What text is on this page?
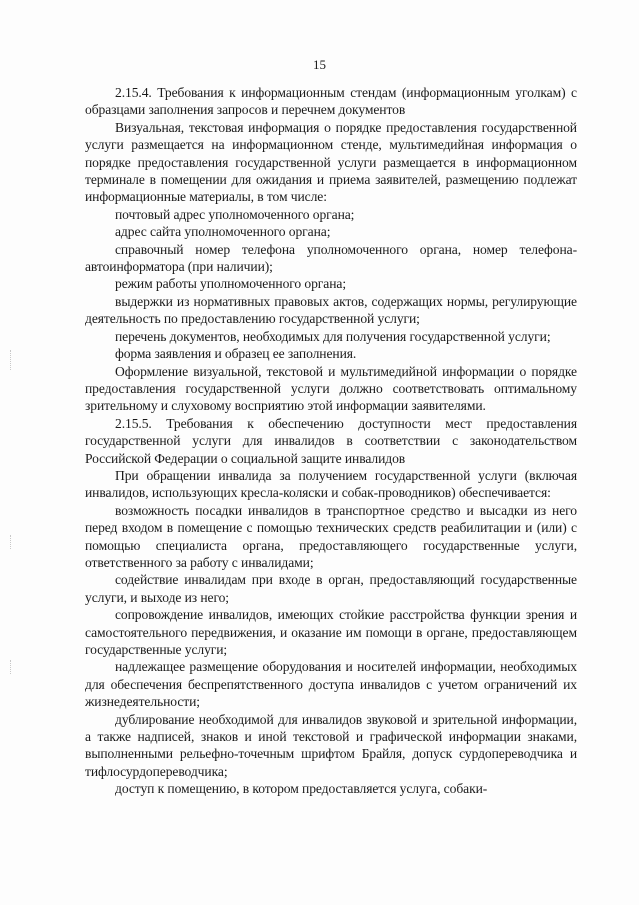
15

2.15.4. Требования к информационным стендам (информационным уголкам) с образцами заполнения запросов и перечнем документов

Визуальная, текстовая информация о порядке предоставления государственной услуги размещается на информационном стенде, мультимедийная информация о порядке предоставления государственной услуги размещается в информационном терминале в помещении для ожидания и приема заявителей, размещению подлежат информационные материалы, в том числе:

почтовый адрес уполномоченного органа;

адрес сайта уполномоченного органа;

справочный номер телефона уполномоченного органа, номер телефона-автоинформатора (при наличии);

режим работы уполномоченного органа;

выдержки из нормативных правовых актов, содержащих нормы, регулирующие деятельность по предоставлению государственной услуги;

перечень документов, необходимых для получения государственной услуги;

форма заявления и образец ее заполнения.

Оформление визуальной, текстовой и мультимедийной информации о порядке предоставления государственной услуги должно соответствовать оптимальному зрительному и слуховому восприятию этой информации заявителями.

2.15.5. Требования к обеспечению доступности мест предоставления государственной услуги для инвалидов в соответствии с законодательством Российской Федерации о социальной защите инвалидов

При обращении инвалида за получением государственной услуги (включая инвалидов, использующих кресла-коляски и собак-проводников) обеспечивается:

возможность посадки инвалидов в транспортное средство и высадки из него перед входом в помещение с помощью технических средств реабилитации и (или) с помощью специалиста органа, предоставляющего государственные услуги, ответственного за работу с инвалидами;

содействие инвалидам при входе в орган, предоставляющий государственные услуги, и выходе из него;

сопровождение инвалидов, имеющих стойкие расстройства функции зрения и самостоятельного передвижения, и оказание им помощи в органе, предоставляющем государственные услуги;

надлежащее размещение оборудования и носителей информации, необходимых для обеспечения беспрепятственного доступа инвалидов с учетом ограничений их жизнедеятельности;

дублирование необходимой для инвалидов звуковой и зрительной информации, а также надписей, знаков и иной текстовой и графической информации знаками, выполненными рельефно-точечным шрифтом Брайля, допуск сурдопереводчика и тифлосурдопереводчика;

доступ к помещению, в котором предоставляется услуга, собаки-
